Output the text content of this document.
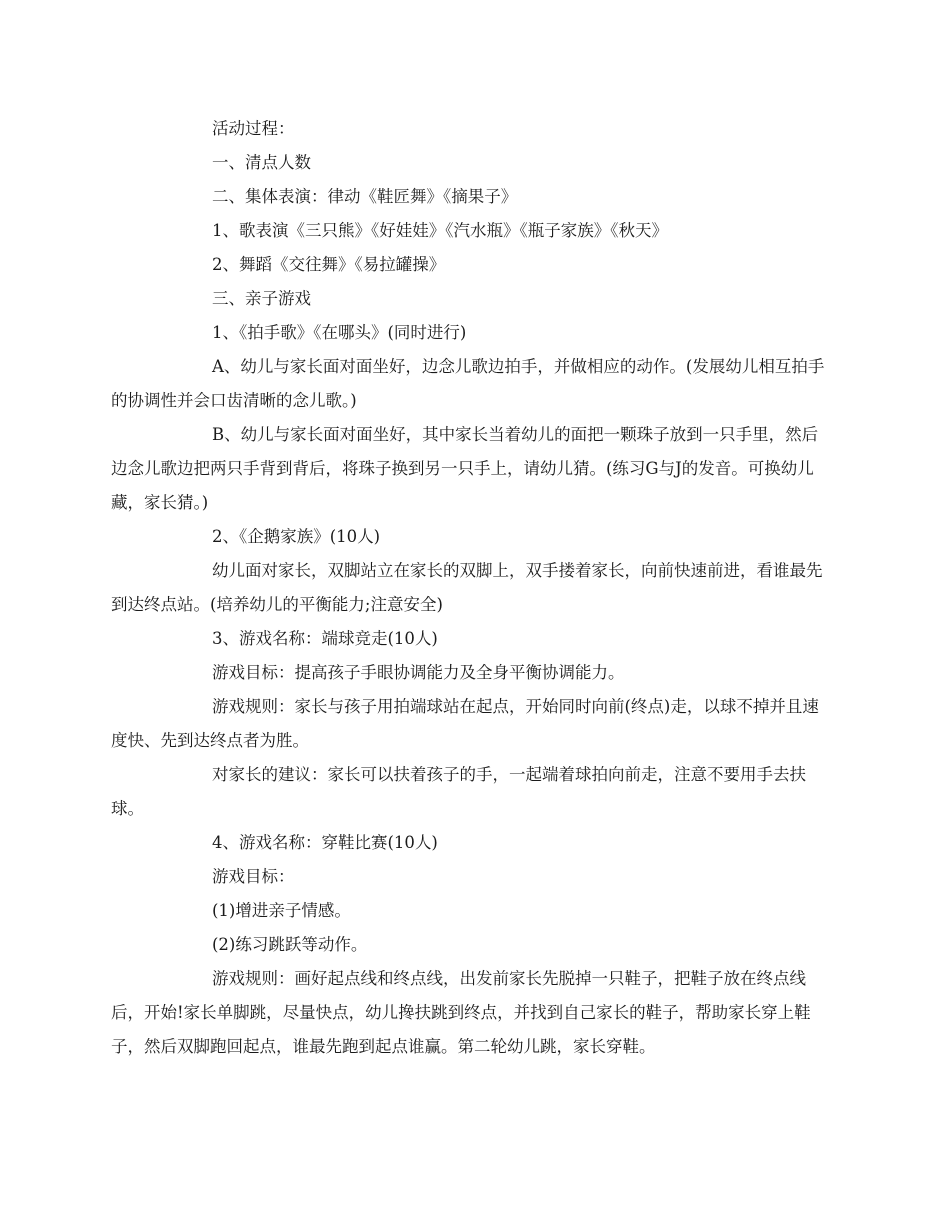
活动过程：

一、清点人数

二、集体表演：律动《鞋匠舞》《摘果子》

1、歌表演《三只熊》《好娃娃》《汽水瓶》《瓶子家族》《秋天》

2、舞蹈《交往舞》《易拉罐操》

三、亲子游戏

1、《拍手歌》《在哪头》(同时进行)

A、幼儿与家长面对面坐好，边念儿歌边拍手，并做相应的动作。(发展幼儿相互拍手的协调性并会口齿清晰的念儿歌。)

B、幼儿与家长面对面坐好，其中家长当着幼儿的面把一颗珠子放到一只手里，然后边念儿歌边把两只手背到背后，将珠子换到另一只手上，请幼儿猜。(练习G与J的发音。可换幼儿藏，家长猜。)

2、《企鹅家族》(10人)

幼儿面对家长，双脚站立在家长的双脚上，双手搂着家长，向前快速前进，看谁最先到达终点站。(培养幼儿的平衡能力;注意安全)

3、游戏名称：端球竞走(10人)

游戏目标：提高孩子手眼协调能力及全身平衡协调能力。

游戏规则：家长与孩子用拍端球站在起点，开始同时向前(终点)走，以球不掉并且速度快、先到达终点者为胜。

对家长的建议：家长可以扶着孩子的手，一起端着球拍向前走，注意不要用手去扶球。

4、游戏名称：穿鞋比赛(10人)

游戏目标：

(1)增进亲子情感。

(2)练习跳跃等动作。

游戏规则：画好起点线和终点线，出发前家长先脱掉一只鞋子，把鞋子放在终点线后，开始!家长单脚跳，尽量快点，幼儿搀扶跳到终点，并找到自己家长的鞋子，帮助家长穿上鞋子，然后双脚跑回起点，谁最先跑到起点谁赢。第二轮幼儿跳，家长穿鞋。
